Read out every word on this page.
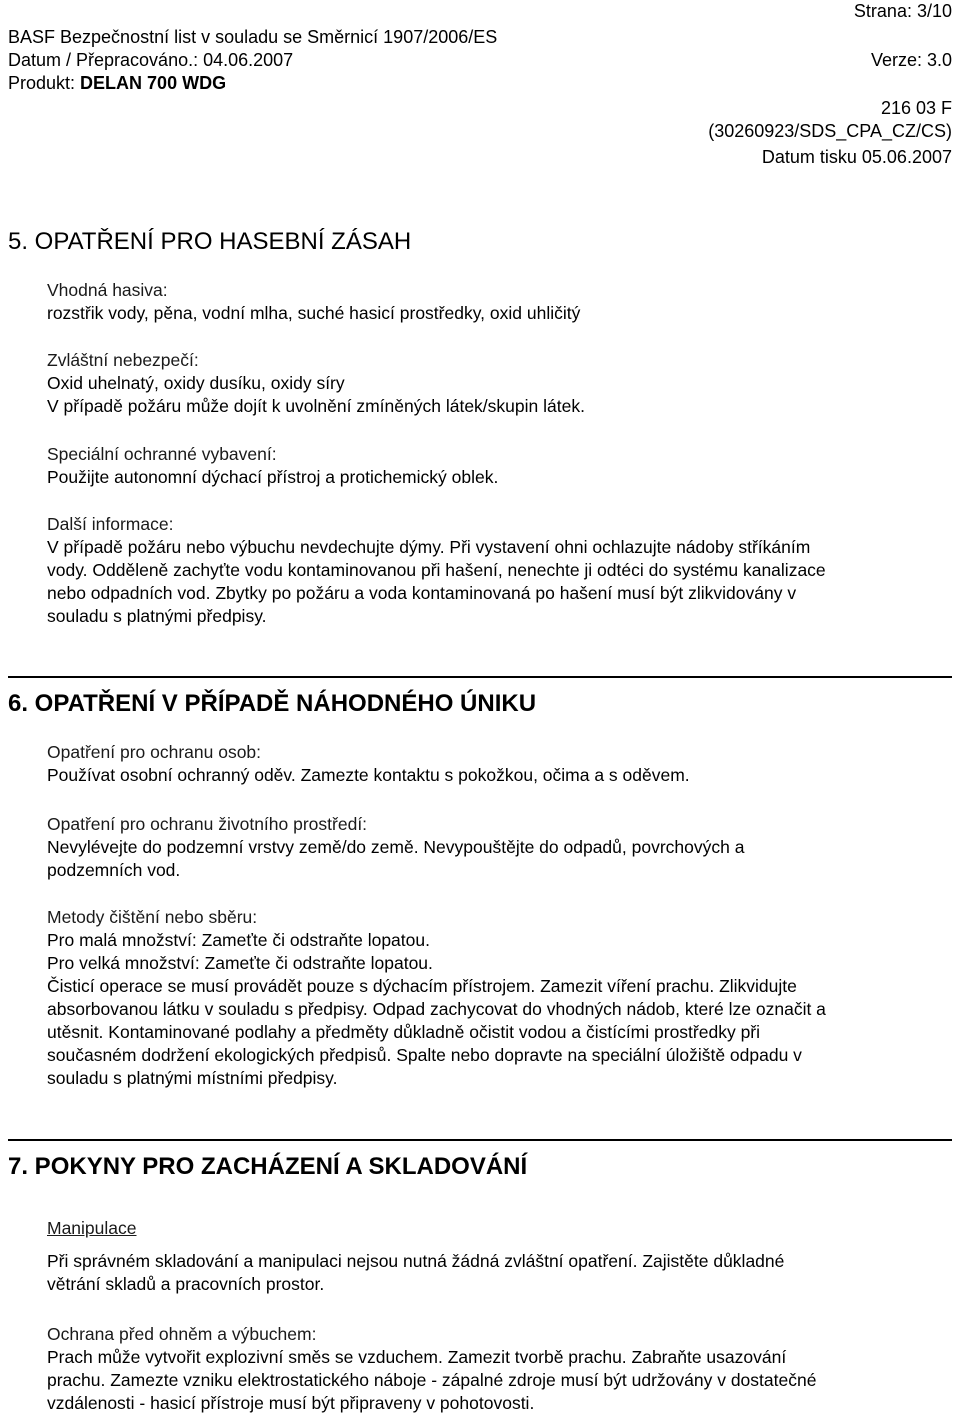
Strana: 3/10
BASF Bezpečnostní list v souladu se Směrnicí 1907/2006/ES
Datum / Přepracováno.: 04.06.2007	Verze: 3.0
Produkt: DELAN 700 WDG
216 03 F
(30260923/SDS_CPA_CZ/CS)
Datum tisku 05.06.2007
5. OPATŘENÍ PRO HASEBNÍ ZÁSAH
Vhodná hasiva:
rozstřik vody, pěna, vodní mlha, suché hasicí prostředky, oxid uhličitý
Zvláštní nebezpečí:
Oxid uhelnatý, oxidy dusíku, oxidy síry
V případě požáru může dojít k uvolnění zmíněných látek/skupin látek.
Speciální ochranné vybavení:
Použijte autonomní dýchací přístroj a protichemický oblek.
Další informace:
V případě požáru nebo výbuchu nevdechujte dýmy. Při vystavení ohni ochlazujte nádoby stříkáním
vody. Odděleně zachyťte vodu kontaminovanou při hašení, nenechte ji odtéci do systému kanalizace
nebo odpadních vod. Zbytky po požáru a voda kontaminovaná po hašení musí být zlikvidovány v
souladu s platnými předpisy.
6. OPATŘENÍ V PŘÍPADĚ NÁHODNÉHO ÚNIKU
Opatření pro ochranu osob:
Používat osobní ochranný oděv. Zamezte kontaktu s pokožkou, očima a s oděvem.
Opatření pro ochranu životního prostředí:
Nevylévejte do podzemní vrstvy země/do země. Nevypouštějte do odpadů, povrchových a
podzemních vod.
Metody čištění nebo sběru:
Pro malá množství: Zameťte či odstraňte lopatou.
Pro velká množství: Zameťte či odstraňte lopatou.
Čisticí operace se musí provádět pouze s dýchacím přístrojem. Zamezit víření prachu. Zlikvidujte
absorbovanou látku v souladu s předpisy. Odpad zachycovat do vhodných nádob, které lze označit a
utěsnit. Kontaminované podlahy a předměty důkladně očistit vodou a čistícími prostředky při
současném dodržení ekologických předpisů. Spalte nebo dopravte na speciální úložiště odpadu v
souladu s platnými místními předpisy.
7. POKYNY PRO ZACHÁZENÍ A SKLADOVÁNÍ
Manipulace
Při správném skladování a manipulaci nejsou nutná žádná zvláštní opatření. Zajistěte důkladné
větrání skladů a pracovních prostor.
Ochrana před ohněm a výbuchem:
Prach může vytvořit explozivní směs se vzduchem. Zamezit tvorbě prachu. Zabraňte usazování
prachu. Zamezte vzniku elektrostatického náboje - zápalné zdroje musí být udržovány v dostatečné
vzdálenosti - hasicí přístroje musí být připraveny v pohotovosti.
